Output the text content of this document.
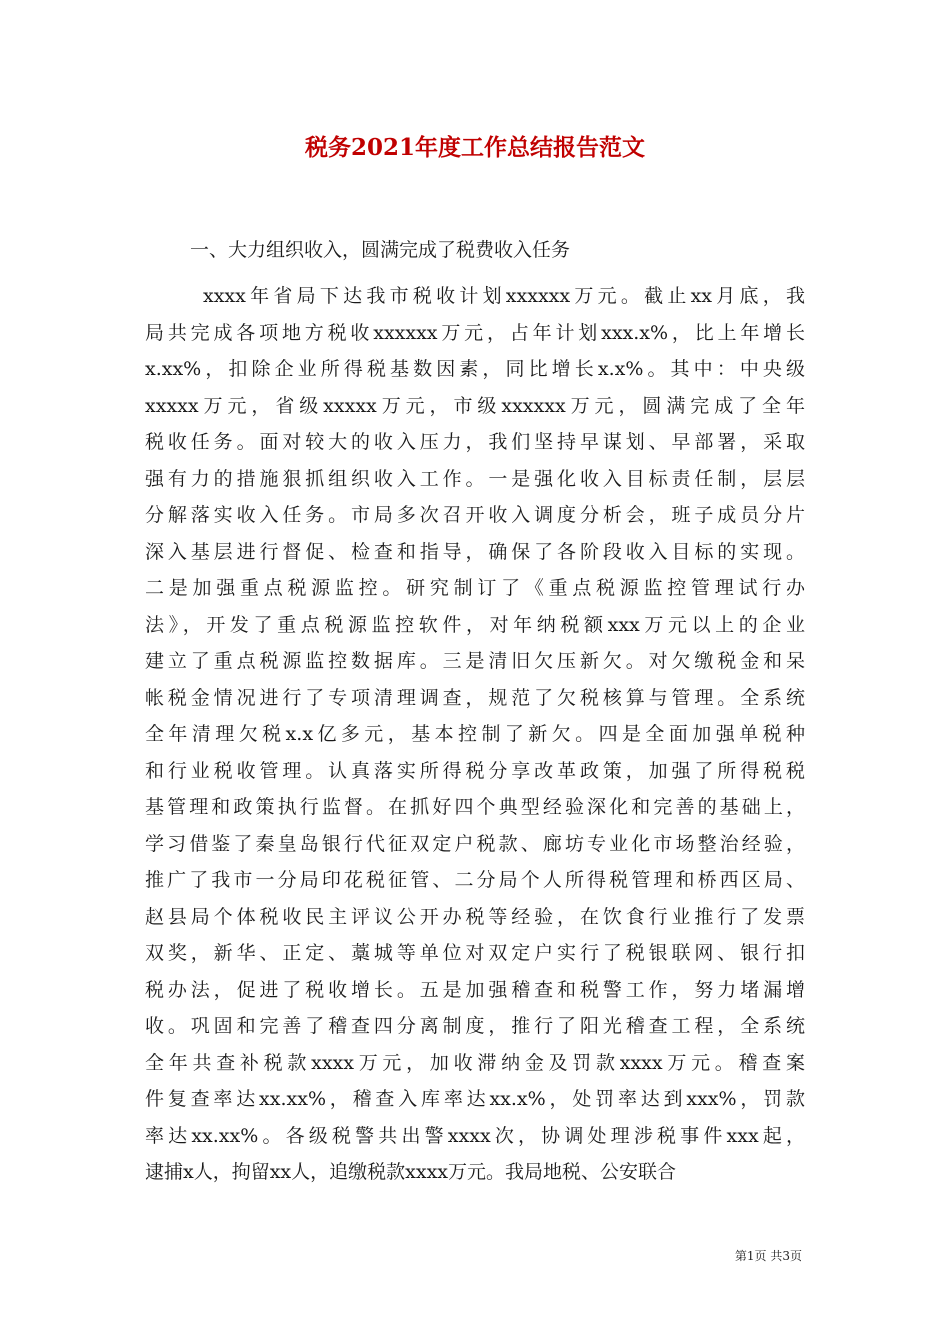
税务2021年度工作总结报告范文

一、大力组织收入，圆满完成了税费收入任务

xxxx年省局下达我市税收计划xxxxxx万元。截止xx月底，我
局共完成各项地方税收xxxxxx万元，占年计划xxx.x%，比上年增长
x.xx%，扣除企业所得税基数因素，同比增长x.x%。其中：中央级
xxxxx万元，省级xxxxx万元，市级xxxxxx万元，圆满完成了全年
税收任务。面对较大的收入压力，我们坚持早谋划、早部署，采取
强有力的措施狠抓组织收入工作。一是强化收入目标责任制，层层
分解落实收入任务。市局多次召开收入调度分析会，班子成员分片
深入基层进行督促、检查和指导，确保了各阶段收入目标的实现。
二是加强重点税源监控。研究制订了《重点税源监控管理试行办
法》，开发了重点税源监控软件，对年纳税额xxx万元以上的企业
建立了重点税源监控数据库。三是清旧欠压新欠。对欠缴税金和呆
帐税金情况进行了专项清理调查，规范了欠税核算与管理。全系统
全年清理欠税x.x亿多元，基本控制了新欠。四是全面加强单税种
和行业税收管理。认真落实所得税分享改革政策，加强了所得税税
基管理和政策执行监督。在抓好四个典型经验深化和完善的基础上，
学习借鉴了秦皇岛银行代征双定户税款、廊坊专业化市场整治经验，
推广了我市一分局印花税征管、二分局个人所得税管理和桥西区局、
赵县局个体税收民主评议公开办税等经验，在饮食行业推行了发票
双奖，新华、正定、藁城等单位对双定户实行了税银联网、银行扣
税办法，促进了税收增长。五是加强稽查和税警工作，努力堵漏增
收。巩固和完善了稽查四分离制度，推行了阳光稽查工程，全系统
全年共查补税款xxxx万元，加收滞纳金及罚款xxxx万元。稽查案
件复查率达xx.xx%，稽查入库率达xx.x%，处罚率达到xxx%，罚款
率达xx.xx%。各级税警共出警xxxx次，协调处理涉税事件xxx起，
逮捕x人，拘留xx人，追缴税款xxxx万元。我局地税、公安联合
第1页 共3页
